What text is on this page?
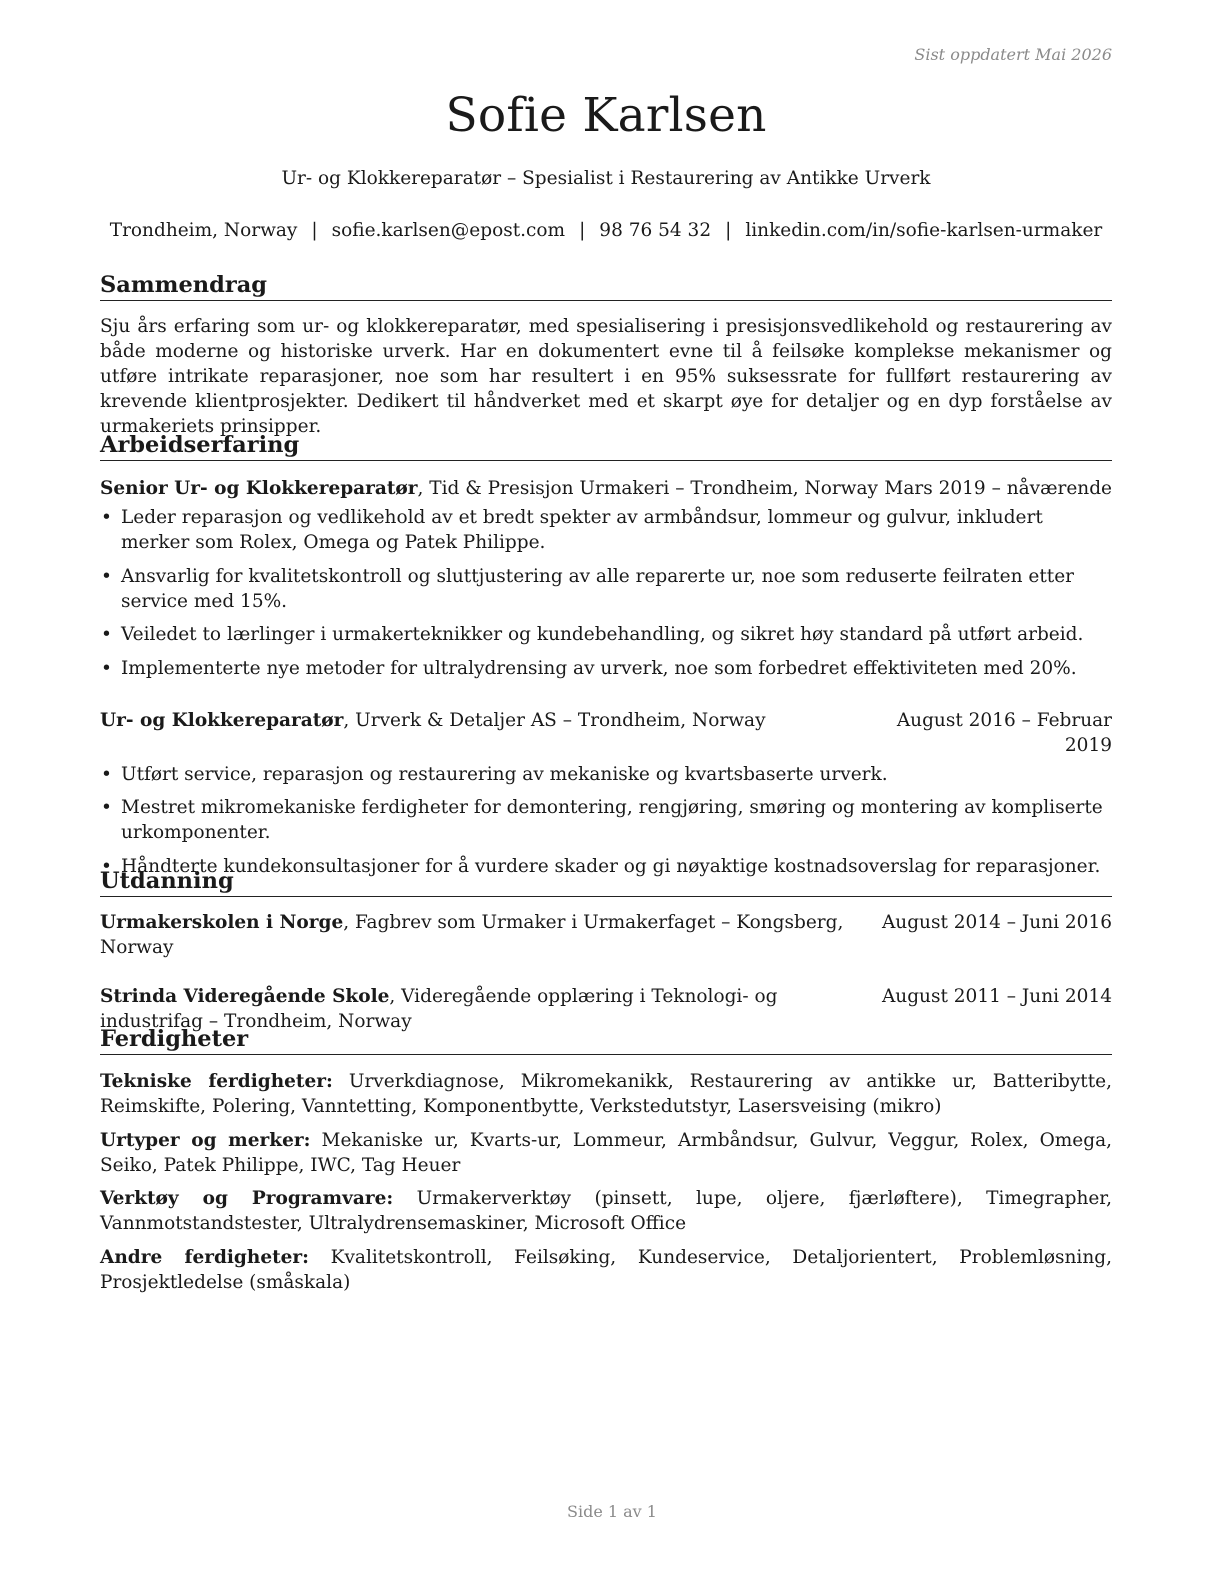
Sist oppdatert Mai 2026
Sofie Karlsen
Ur- og Klokkereparatør – Spesialist i Restaurering av Antikke Urverk
Trondheim, Norway | sofie.karlsen@epost.com | 98 76 54 32 | linkedin.com/in/sofie-karlsen-urmaker
Sammendrag
Sju års erfaring som ur- og klokkereparatør, med spesialisering i presisjonsvedlikehold og restaurering av både moderne og historiske urverk. Har en dokumentert evne til å feilsøke komplekse mekanismer og utføre intrikate reparasjoner, noe som har resultert i en 95% suksessrate for fullført restaurering av krevende klientprosjekter. Dedikert til håndverket med et skarpt øye for detaljer og en dyp forståelse av urmakeriets prinsipper.
Arbeidserfaring
Senior Ur- og Klokkereparatør, Tid & Presisjon Urmakeri – Trondheim, Norway Mars 2019 – nåværende
• Leder reparasjon og vedlikehold av et bredt spekter av armbåndsur, lommeur og gulvur, inkludert merker som Rolex, Omega og Patek Philippe.
• Ansvarlig for kvalitetskontroll og sluttjustering av alle reparerte ur, noe som reduserte feilraten etter service med 15%.
• Veiledet to lærlinger i urmakerteknikker og kundebehandling, og sikret høy standard på utført arbeid.
• Implementerte nye metoder for ultralydrensing av urverk, noe som forbedret effektiviteten med 20%.
Ur- og Klokkereparatør, Urverk & Detaljer AS – Trondheim, Norway	August 2016 – Februar
2019
• Utført service, reparasjon og restaurering av mekaniske og kvartsbaserte urverk.
• Mestret mikromekaniske ferdigheter for demontering, rengjøring, smøring og montering av kompliserte urkomponenter.
• Håndterte kundekonsultasjoner for å vurdere skader og gi nøyaktige kostnadsoverslag for reparasjoner.
Utdanning
Urmakerskolen i Norge, Fagbrev som Urmaker i Urmakerfaget – Kongsberg, Norway
August 2014 – Juni 2016
Strinda Videregående Skole, Videregående opplæring i Teknologi- og industrifag – Trondheim, Norway
August 2011 – Juni 2014
Ferdigheter
Tekniske ferdigheter: Urverkdiagnose, Mikromekanikk, Restaurering av antikke ur, Batteribytte, Reimskifte, Polering, Vanntetting, Komponentbytte, Verkstedutstyr, Lasersveising (mikro)
Urtyper og merker: Mekaniske ur, Kvarts-ur, Lommeur, Armbåndsur, Gulvur, Veggur, Rolex, Omega, Seiko, Patek Philippe, IWC, Tag Heuer
Verktøy og Programvare: Urmakerverktøy (pinsett, lupe, oljere, fjærløftere), Timegrapher, Vannmotstandstester, Ultralydrensemaskiner, Microsoft Office
Andre ferdigheter: Kvalitetskontroll, Feilsøking, Kundeservice, Detaljorientert, Problemløsning, Prosjektledelse (småskala)
Side 1 av 1
